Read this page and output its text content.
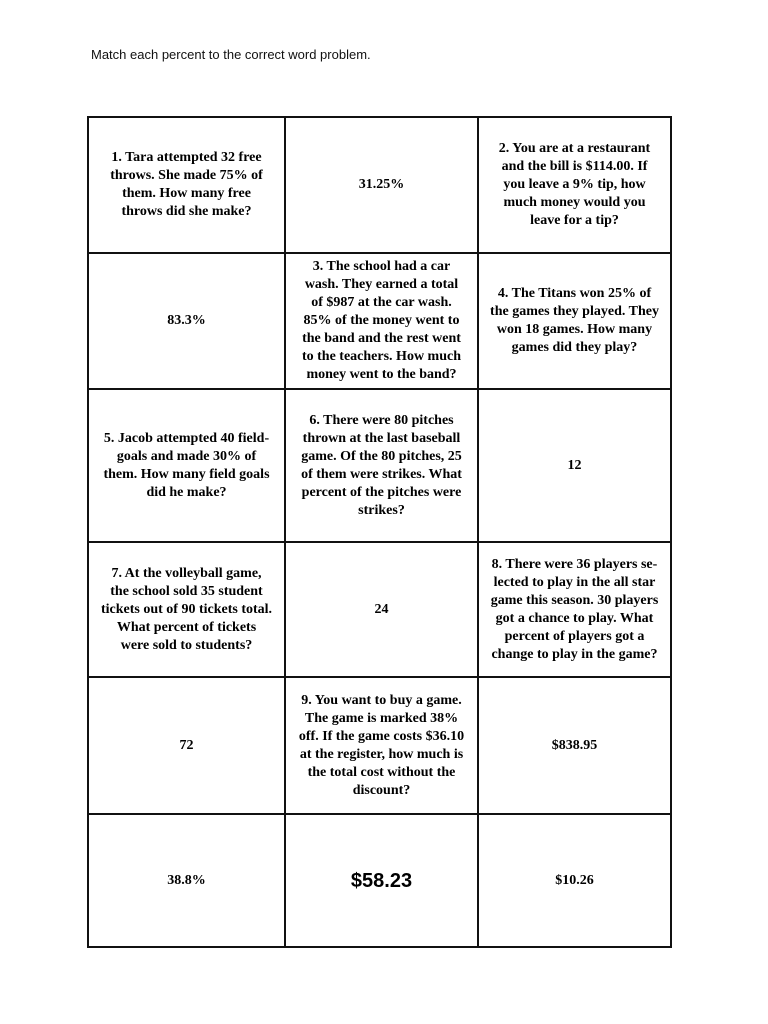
Match each percent to the correct word problem.
1. Tara attempted 32 free
throws. She made 75% of
them. How many free
throws did she make?
31.25%
2. You are at a restaurant
and the bill is $114.00. If
you leave a 9% tip, how
much money would you
leave for a tip?
83.3%
3. The school had a car
wash. They earned a total
of $987 at the car wash.
85% of the money went to
the band and the rest went
to the teachers. How much
money went to the band?
4. The Titans won 25% of
the games they played. They
won 18 games. How many
games did they play?
5. Jacob attempted 40 field-
goals and made 30% of
them. How many field goals
did he make?
6. There were 80 pitches
thrown at the last baseball
game. Of the 80 pitches, 25
of them were strikes. What
percent of the pitches were
strikes?
12
7. At the volleyball game,
the school sold 35 student
tickets out of 90 tickets total.
What percent of tickets
were sold to students?
24
8. There were 36 players se-
lected to play in the all star
game this season. 30 players
got a chance to play. What
percent of players got a
change to play in the game?
72
9. You want to buy a game.
The game is marked 38%
off. If the game costs $36.10
at the register, how much is
the total cost without the
discount?
$838.95
38.8%	$58.23	$10.26
